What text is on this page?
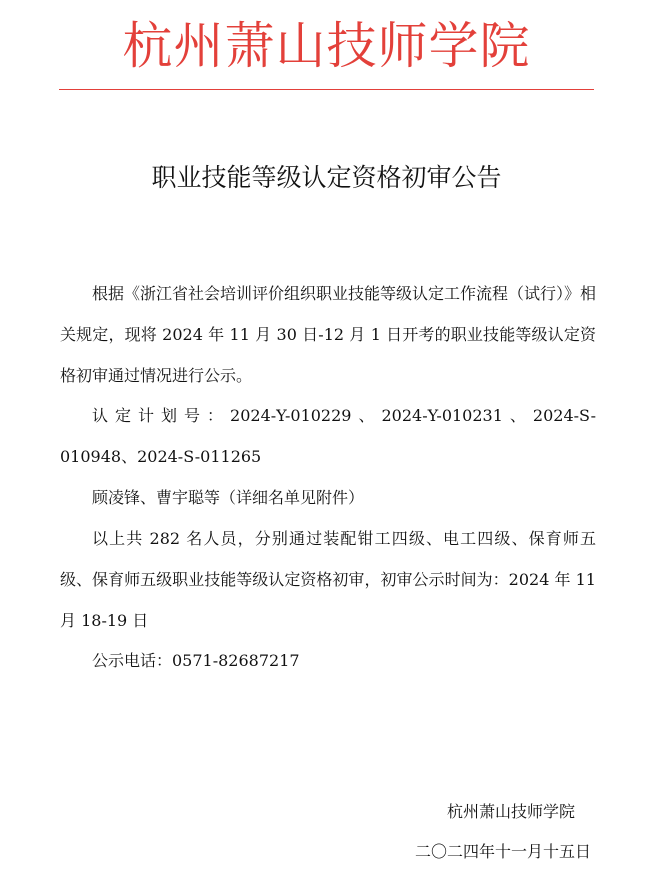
杭州萧山技师学院
职业技能等级认定资格初审公告

根据《浙江省社会培训评价组织职业技能等级认定工作流程（试行）》相关规定，现将 2024 年 11 月 30 日-12 月 1 日开考的职业技能等级认定资格初审通过情况进行公示。

认定计划号：2024-Y-010229、2024-Y-010231、2024-S-010948、2024-S-011265

顾凌锋、曹宇聪等（详细名单见附件）

以上共 282 名人员，分别通过装配钳工四级、电工四级、保育师五级、保育师五级职业技能等级认定资格初审，初审公示时间为：2024 年 11 月 18-19 日

公示电话：0571-82687217

杭州萧山技师学院
二〇二四年十一月十五日
